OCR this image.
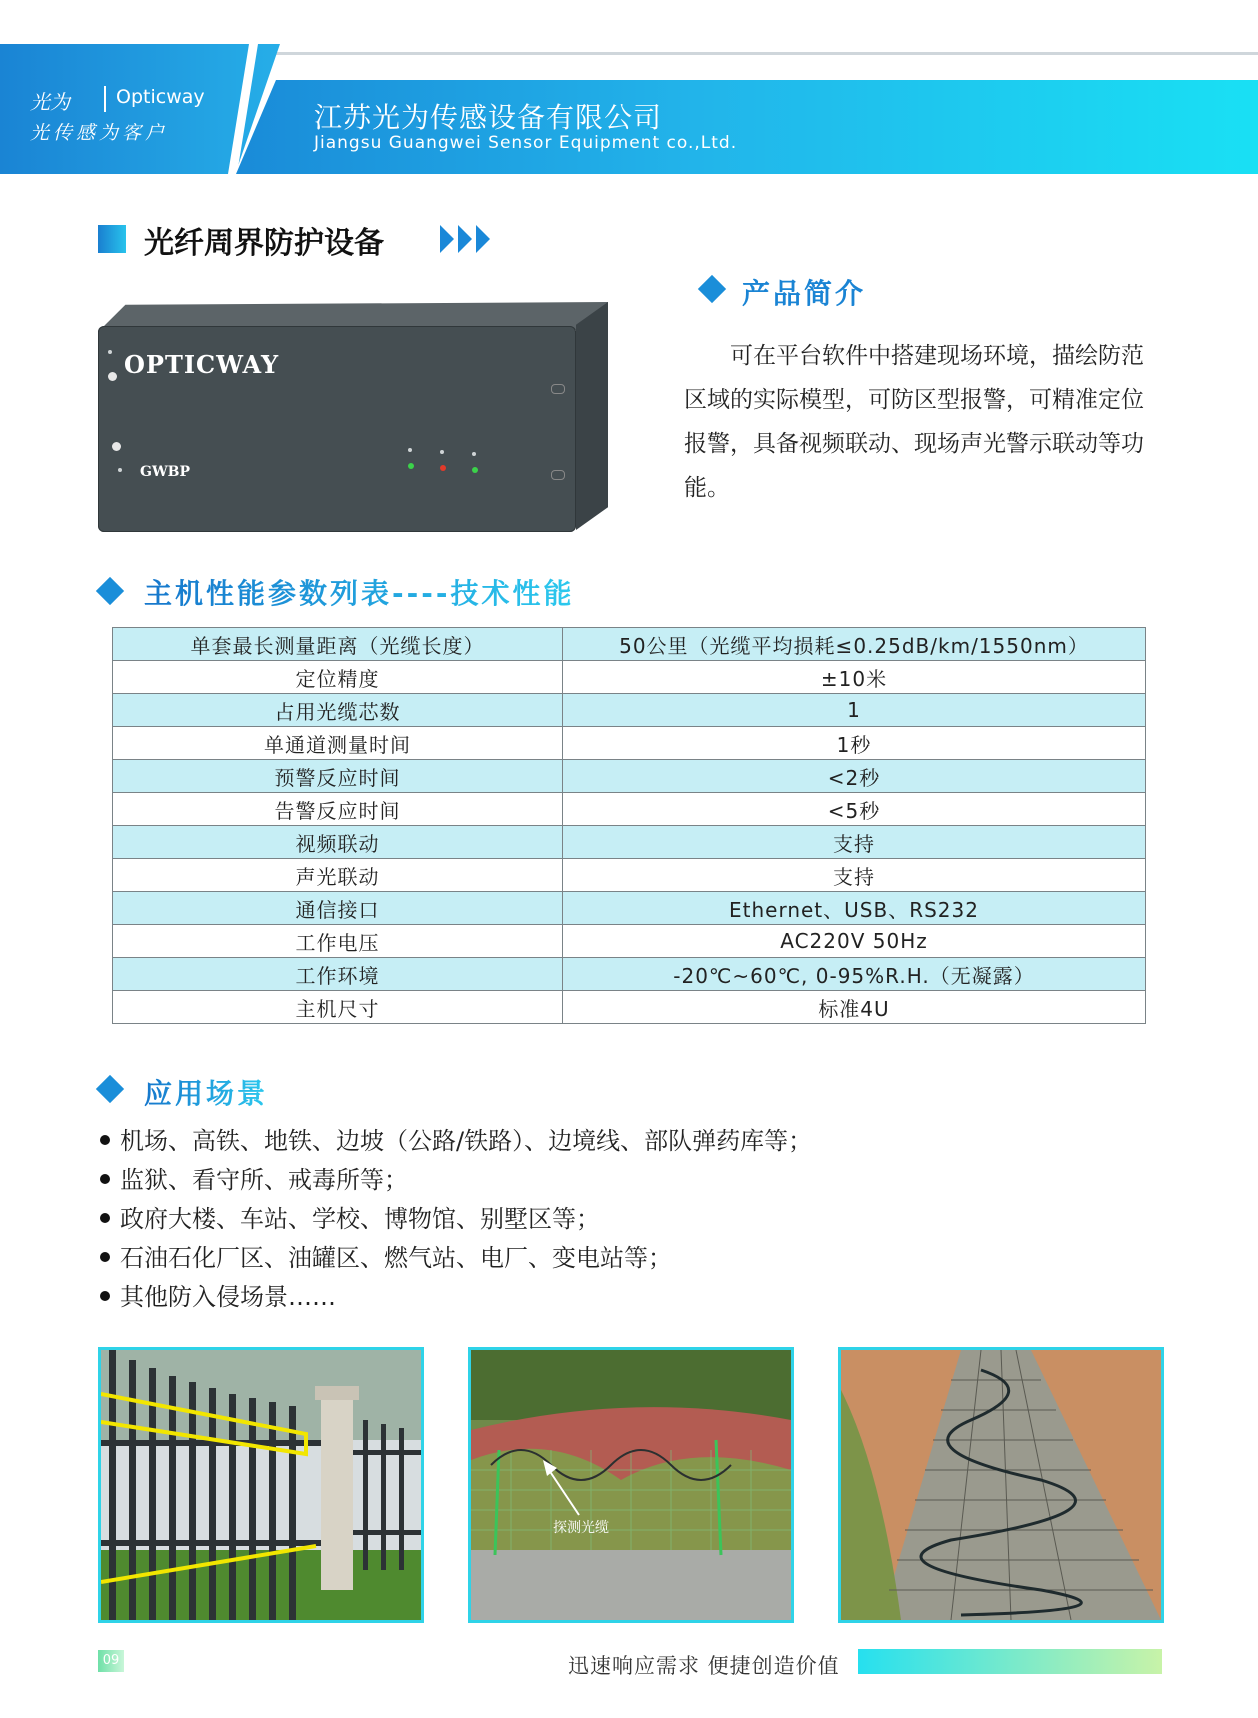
光为 Opticway
光传感为客户	江苏光为传感设备有限公司
Jiangsu Guangwei Sensor Equipment co.,Ltd.
光纤周界防护设备
OPTICWAY
GWBP
产品简介
可在平台软件中搭建现场环境，描绘防范区域的实际模型，可防区型报警，可精准定位报警，具备视频联动、现场声光警示联动等功能。
主机性能参数列表----技术性能
单套最长测量距离（光缆长度）	50公里（光缆平均损耗≤0.25dB/km/1550nm）
定位精度	±10米
占用光缆芯数	1
单通道测量时间	1秒
预警反应时间	<2秒
告警反应时间	<5秒
视频联动	支持
声光联动	支持
通信接口	Ethernet、USB、RS232
工作电压	AC220V 50Hz
工作环境	-20℃~60℃, 0-95%R.H.（无凝露）
主机尺寸	标准4U
应用场景
机场、高铁、地铁、边坡（公路/铁路）、边境线、部队弹药库等；
监狱、看守所、戒毒所等；
政府大楼、车站、学校、博物馆、别墅区等；
石油石化厂区、油罐区、燃气站、电厂、变电站等；
其他防入侵场景……
探测光缆
09	迅速响应需求 便捷创造价值
